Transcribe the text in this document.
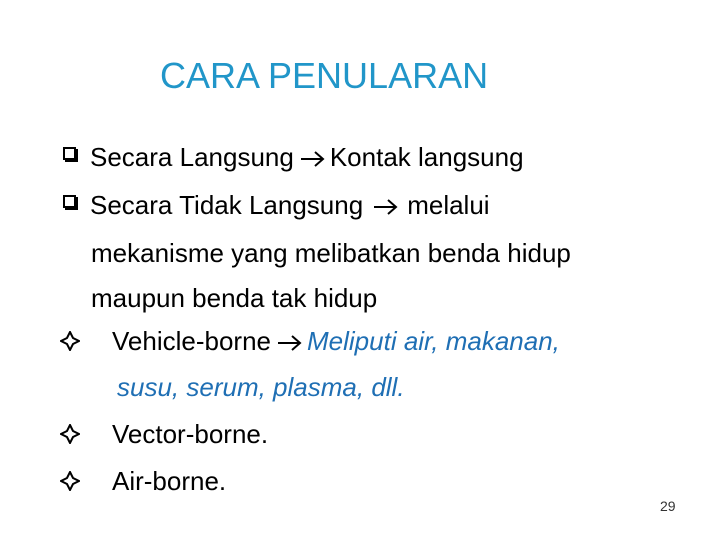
CARA PENULARAN
Secara Langsung Kontak langsung
Secara Tidak Langsung melalui
mekanisme yang melibatkan benda hidup
maupun benda tak hidup
Vehicle-borne Meliputi air, makanan,
susu, serum, plasma, dll.
Vector-borne.
Air-borne.
29
